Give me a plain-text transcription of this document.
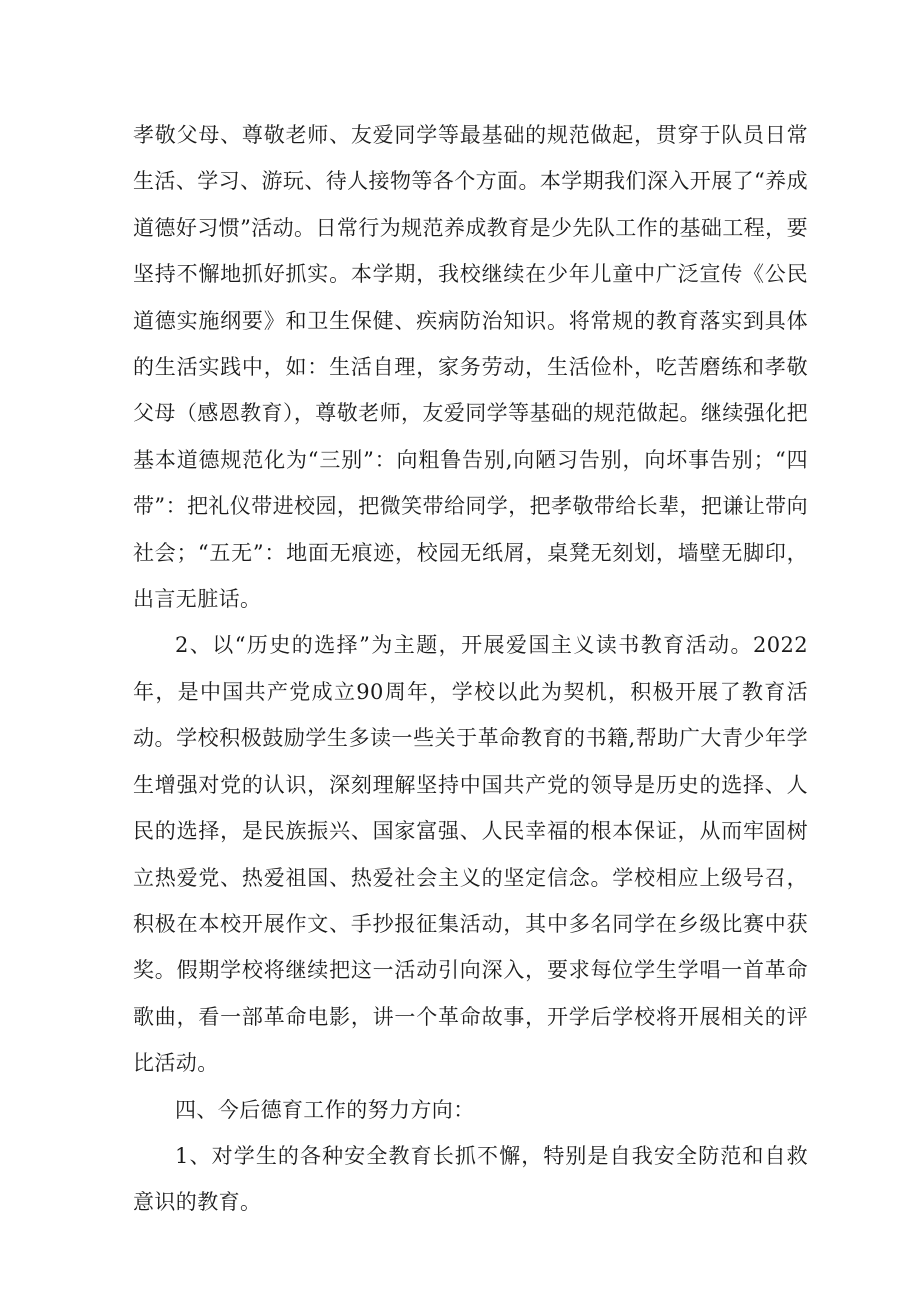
孝敬父母、尊敬老师、友爱同学等最基础的规范做起，贯穿于队员日常生活、学习、游玩、待人接物等各个方面。本学期我们深入开展了“养成道德好习惯”活动。日常行为规范养成教育是少先队工作的基础工程，要坚持不懈地抓好抓实。本学期，我校继续在少年儿童中广泛宣传《公民道德实施纲要》和卫生保健、疾病防治知识。将常规的教育落实到具体的生活实践中，如：生活自理，家务劳动，生活俭朴，吃苦磨练和孝敬父母（感恩教育），尊敬老师，友爱同学等基础的规范做起。继续强化把基本道德规范化为“三别”：向粗鲁告别,向陋习告别，向坏事告别；“四带”：把礼仪带进校园，把微笑带给同学，把孝敬带给长辈，把谦让带向社会；“五无”：地面无痕迹，校园无纸屑，桌凳无刻划，墙壁无脚印，出言无脏话。

2、以“历史的选择”为主题，开展爱国主义读书教育活动。2022年，是中国共产党成立90周年，学校以此为契机，积极开展了教育活动。学校积极鼓励学生多读一些关于革命教育的书籍,帮助广大青少年学生增强对党的认识，深刻理解坚持中国共产党的领导是历史的选择、人民的选择，是民族振兴、国家富强、人民幸福的根本保证，从而牢固树立热爱党、热爱祖国、热爱社会主义的坚定信念。学校相应上级号召，积极在本校开展作文、手抄报征集活动，其中多名同学在乡级比赛中获奖。假期学校将继续把这一活动引向深入，要求每位学生学唱一首革命歌曲，看一部革命电影，讲一个革命故事，开学后学校将开展相关的评比活动。

四、今后德育工作的努力方向：

1、对学生的各种安全教育长抓不懈，特别是自我安全防范和自救意识的教育。
